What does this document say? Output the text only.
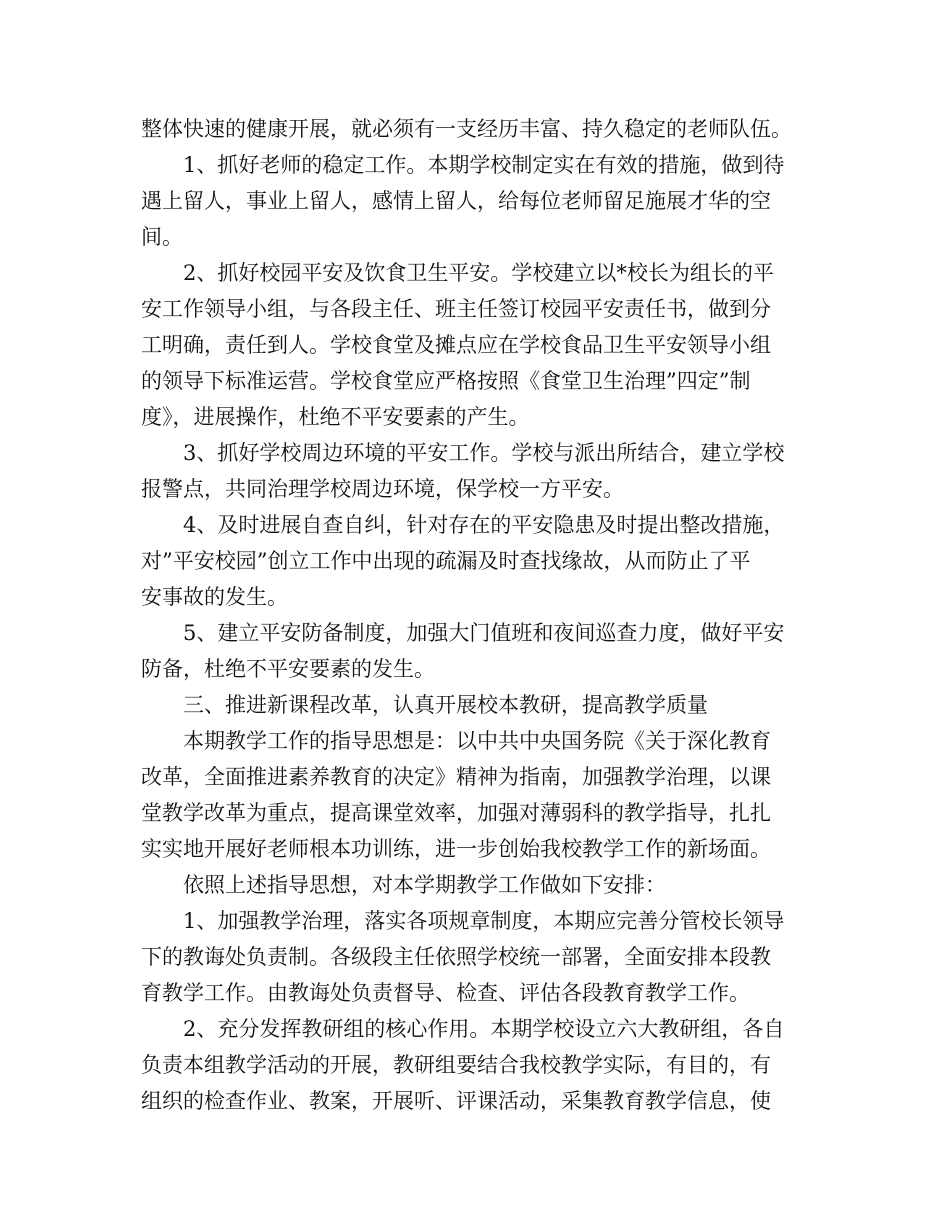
整体快速的健康开展，就必须有一支经历丰富、持久稳定的老师队伍。
1、抓好老师的稳定工作。本期学校制定实在有效的措施，做到待
遇上留人，事业上留人，感情上留人，给每位老师留足施展才华的空
间。
2、抓好校园平安及饮食卫生平安。学校建立以*校长为组长的平
安工作领导小组，与各段主任、班主任签订校园平安责任书，做到分
工明确，责任到人。学校食堂及摊点应在学校食品卫生平安领导小组
的领导下标准运营。学校食堂应严格按照《食堂卫生治理”四定”制
度》，进展操作，杜绝不平安要素的产生。
3、抓好学校周边环境的平安工作。学校与派出所结合，建立学校
报警点，共同治理学校周边环境，保学校一方平安。
4、及时进展自查自纠，针对存在的平安隐患及时提出整改措施，
对”平安校园”创立工作中出现的疏漏及时查找缘故，从而防止了平
安事故的发生。
5、建立平安防备制度，加强大门值班和夜间巡查力度，做好平安
防备，杜绝不平安要素的发生。
三、推进新课程改革，认真开展校本教研，提高教学质量
本期教学工作的指导思想是：以中共中央国务院《关于深化教育
改革，全面推进素养教育的决定》精神为指南，加强教学治理，以课
堂教学改革为重点，提高课堂效率，加强对薄弱科的教学指导，扎扎
实实地开展好老师根本功训练，进一步创始我校教学工作的新场面。
依照上述指导思想，对本学期教学工作做如下安排：
1、加强教学治理，落实各项规章制度，本期应完善分管校长领导
下的教诲处负责制。各级段主任依照学校统一部署，全面安排本段教
育教学工作。由教诲处负责督导、检查、评估各段教育教学工作。
2、充分发挥教研组的核心作用。本期学校设立六大教研组，各自
负责本组教学活动的开展，教研组要结合我校教学实际，有目的，有
组织的检查作业、教案，开展听、评课活动，采集教育教学信息，使
